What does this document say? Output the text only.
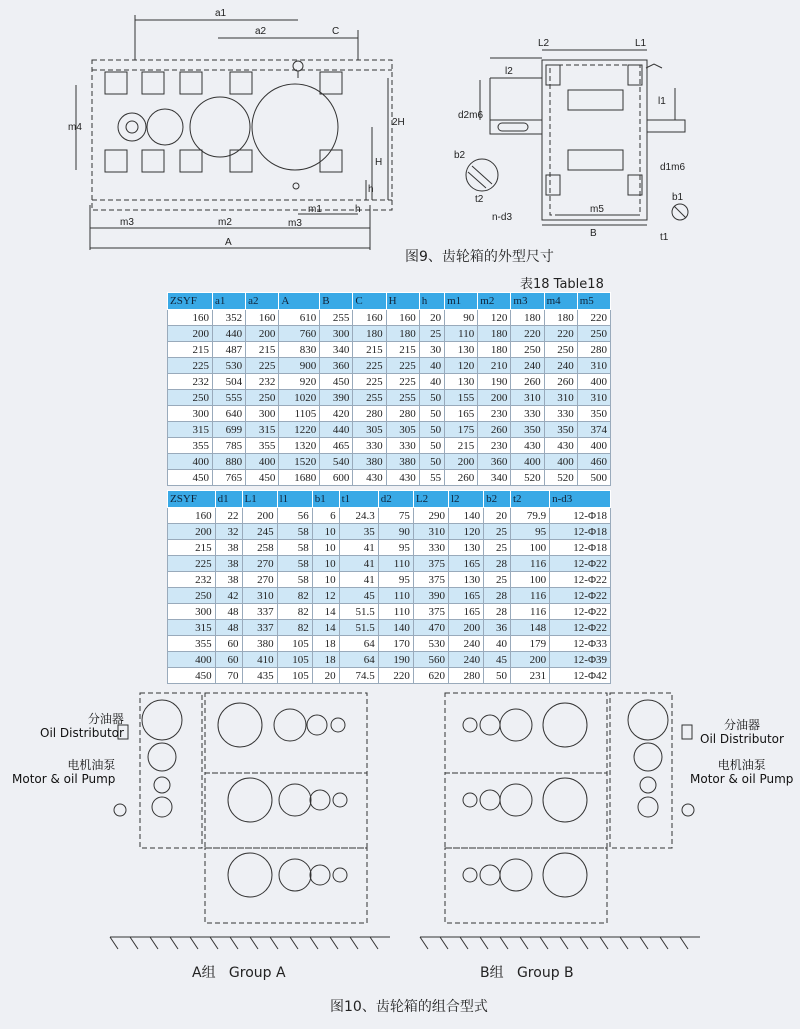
a1
a2	C
m4	2H
H
h
h
m1
m2
m3	m3
A
L2	L1
l2
d2m6
l1
b2
t2
n-d3
m5
B
d1m6
b1
t1
图9、齿轮箱的外型尺寸
表18 Table18
ZSYF	a1	a2	A	B	C	H	h	m1	m2	m3	m4	m5
160	352	160	610	255	160	160	20	90	120	180	180	220
200	440	200	760	300	180	180	25	110	180	220	220	250
215	487	215	830	340	215	215	30	130	180	250	250	280
225	530	225	900	360	225	225	40	120	210	240	240	310
232	504	232	920	450	225	225	40	130	190	260	260	400
250	555	250	1020	390	255	255	50	155	200	310	310	310
300	640	300	1105	420	280	280	50	165	230	330	330	350
315	699	315	1220	440	305	305	50	175	260	350	350	374
355	785	355	1320	465	330	330	50	215	230	430	430	400
400	880	400	1520	540	380	380	50	200	360	400	400	460
450	765	450	1680	600	430	430	55	260	340	520	520	500
ZSYF	d1	L1	l1	b1	t1	d2	L2	l2	b2	t2	n-d3
160	22	200	56	6	24.3	75	290	140	20	79.9	12-Φ18
200	32	245	58	10	35	90	310	120	25	95	12-Φ18
215	38	258	58	10	41	95	330	130	25	100	12-Φ18
225	38	270	58	10	41	110	375	165	28	116	12-Φ22
232	38	270	58	10	41	95	375	130	25	100	12-Φ22
250	42	310	82	12	45	110	390	165	28	116	12-Φ22
300	48	337	82	14	51.5	110	375	165	28	116	12-Φ22
315	48	337	82	14	51.5	140	470	200	36	148	12-Φ22
355	60	380	105	18	64	170	530	240	40	179	12-Φ33
400	60	410	105	18	64	190	560	240	45	200	12-Φ39
450	70	435	105	20	74.5	220	620	280	50	231	12-Φ42
分油器
Oil Distributor
电机油泵
Motor & oil Pump
分油器
Oil Distributor
电机油泵
Motor & oil Pump
A组   Group A	B组   Group B
图10、齿轮箱的组合型式
